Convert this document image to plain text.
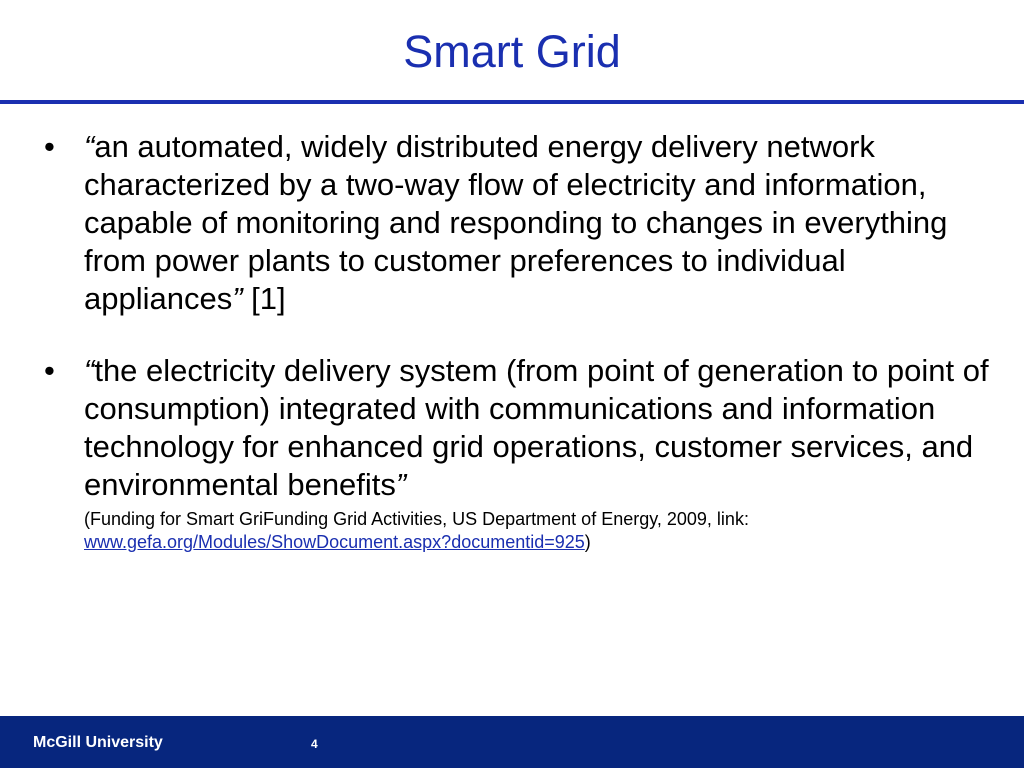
Smart Grid
• “an automated, widely distributed energy delivery network characterized by a two-way flow of electricity and information, capable of monitoring and responding to changes in everything from power plants to customer preferences to individual appliances” [1]
• “the electricity delivery system (from point of generation to point of consumption) integrated with communications and information technology for enhanced grid operations, customer services, and environmental benefits”
(Funding for Smart GriFunding Grid Activities, US Department of Energy, 2009, link: www.gefa.org/Modules/ShowDocument.aspx?documentid=925)
McGill University	4
